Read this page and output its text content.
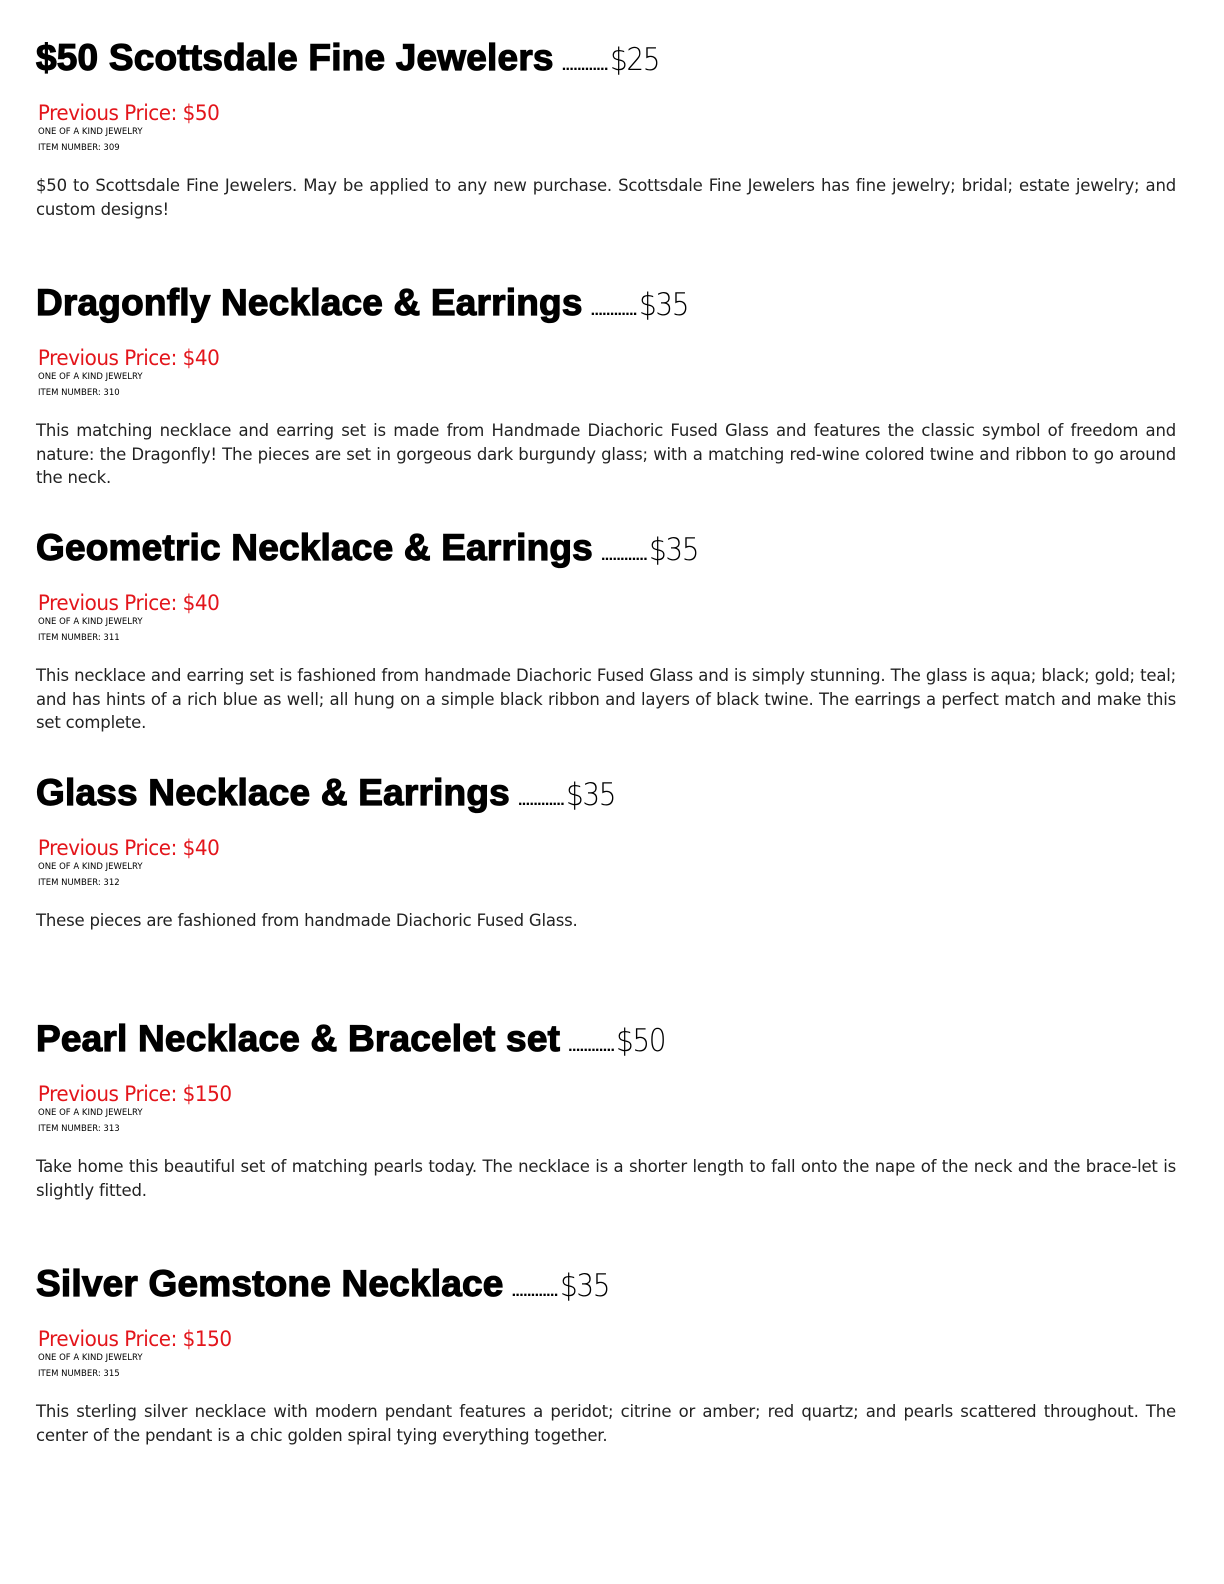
$50 Scottsdale Fine Jewelers ............$25
Previous Price: $50
ONE OF A KIND JEWELRY
ITEM NUMBER: 309
$50 to Scottsdale Fine Jewelers. May be applied to any new purchase. Scottsdale Fine Jewelers has fine jewelry; bridal; estate jewelry; and custom designs!
Dragonfly Necklace & Earrings ............$35
Previous Price: $40
ONE OF A KIND JEWELRY
ITEM NUMBER: 310
This matching necklace and earring set is made from Handmade Diachoric Fused Glass and features the classic symbol of freedom and nature: the Dragonfly! The pieces are set in gorgeous dark burgundy glass; with a matching red-wine colored twine and ribbon to go around the neck.
Geometric Necklace & Earrings ............$35
Previous Price: $40
ONE OF A KIND JEWELRY
ITEM NUMBER: 311
This necklace and earring set is fashioned from handmade Diachoric Fused Glass and is simply stunning. The glass is aqua; black; gold; teal; and has hints of a rich blue as well; all hung on a simple black ribbon and layers of black twine. The earrings a perfect match and make this set complete.
Glass Necklace & Earrings ............$35
Previous Price: $40
ONE OF A KIND JEWELRY
ITEM NUMBER: 312
These pieces are fashioned from handmade Diachoric Fused Glass.
Pearl Necklace & Bracelet set ............$50
Previous Price: $150
ONE OF A KIND JEWELRY
ITEM NUMBER: 313
Take home this beautiful set of matching pearls today. The necklace is a shorter length to fall onto the nape of the neck and the brace-let is slightly fitted.
Silver Gemstone Necklace ............$35
Previous Price: $150
ONE OF A KIND JEWELRY
ITEM NUMBER: 315
This sterling silver necklace with modern pendant features a peridot; citrine or amber; red quartz; and pearls scattered throughout. The center of the pendant is a chic golden spiral tying everything together.
